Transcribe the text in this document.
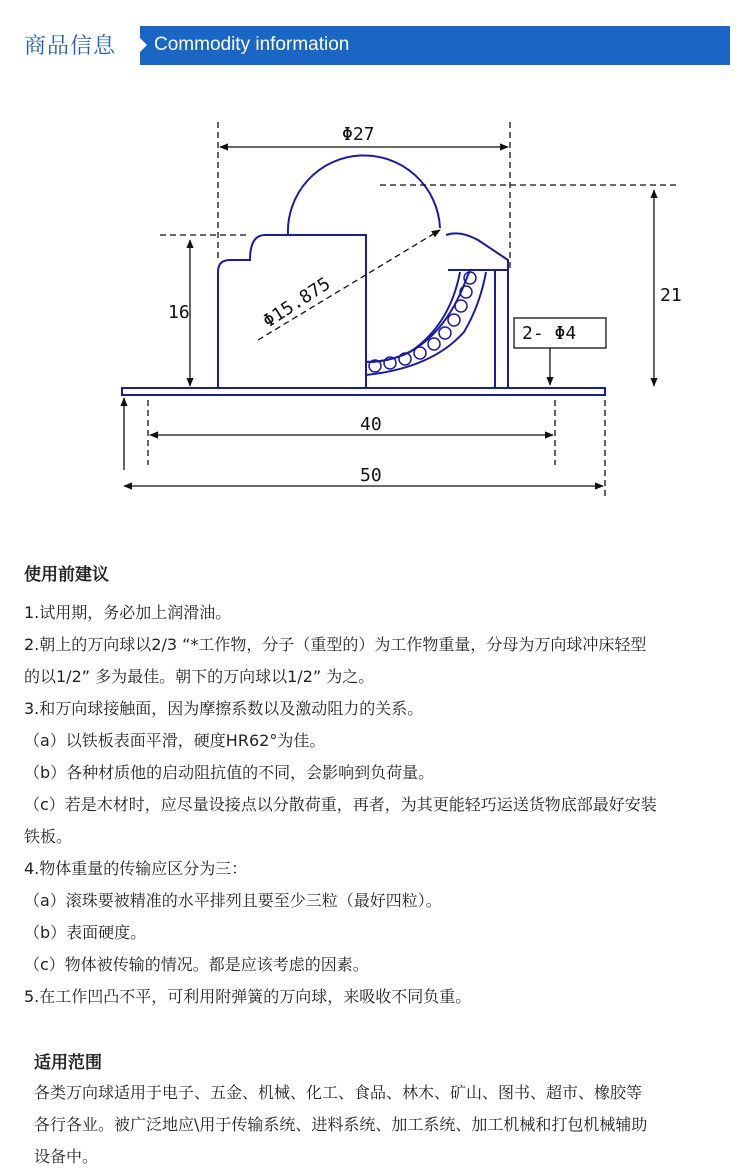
商品信息 Commodity information
Φ27
Φ15.875
16
21
2- Φ4
40
50
使用前建议
1.试用期，务必加上润滑油。
2.朝上的万向球以2/3 “*工作物，分子（重型的）为工作物重量，分母为万向球冲床轻型
的以1/2” 多为最佳。朝下的万向球以1/2” 为之。
3.和万向球接触面，因为摩擦系数以及激动阻力的关系。
（a）以铁板表面平滑，硬度HR62°为佳。
（b）各种材质他的启动阻抗值的不同，会影响到负荷量。
（c）若是木材时，应尽量设接点以分散荷重，再者，为其更能轻巧运送货物底部最好安装
铁板。
4.物体重量的传输应区分为三：
（a）滚珠要被精准的水平排列且要至少三粒（最好四粒）。
（b）表面硬度。
（c）物体被传输的情况。都是应该考虑的因素。
5.在工作凹凸不平，可利用附弹簧的万向球，来吸收不同负重。
适用范围
各类万向球适用于电子、五金、机械、化工、食品、林木、矿山、图书、超市、橡胶等
各行各业。被广泛地应\用于传输系统、进料系统、加工系统、加工机械和打包机械辅助
设备中。
